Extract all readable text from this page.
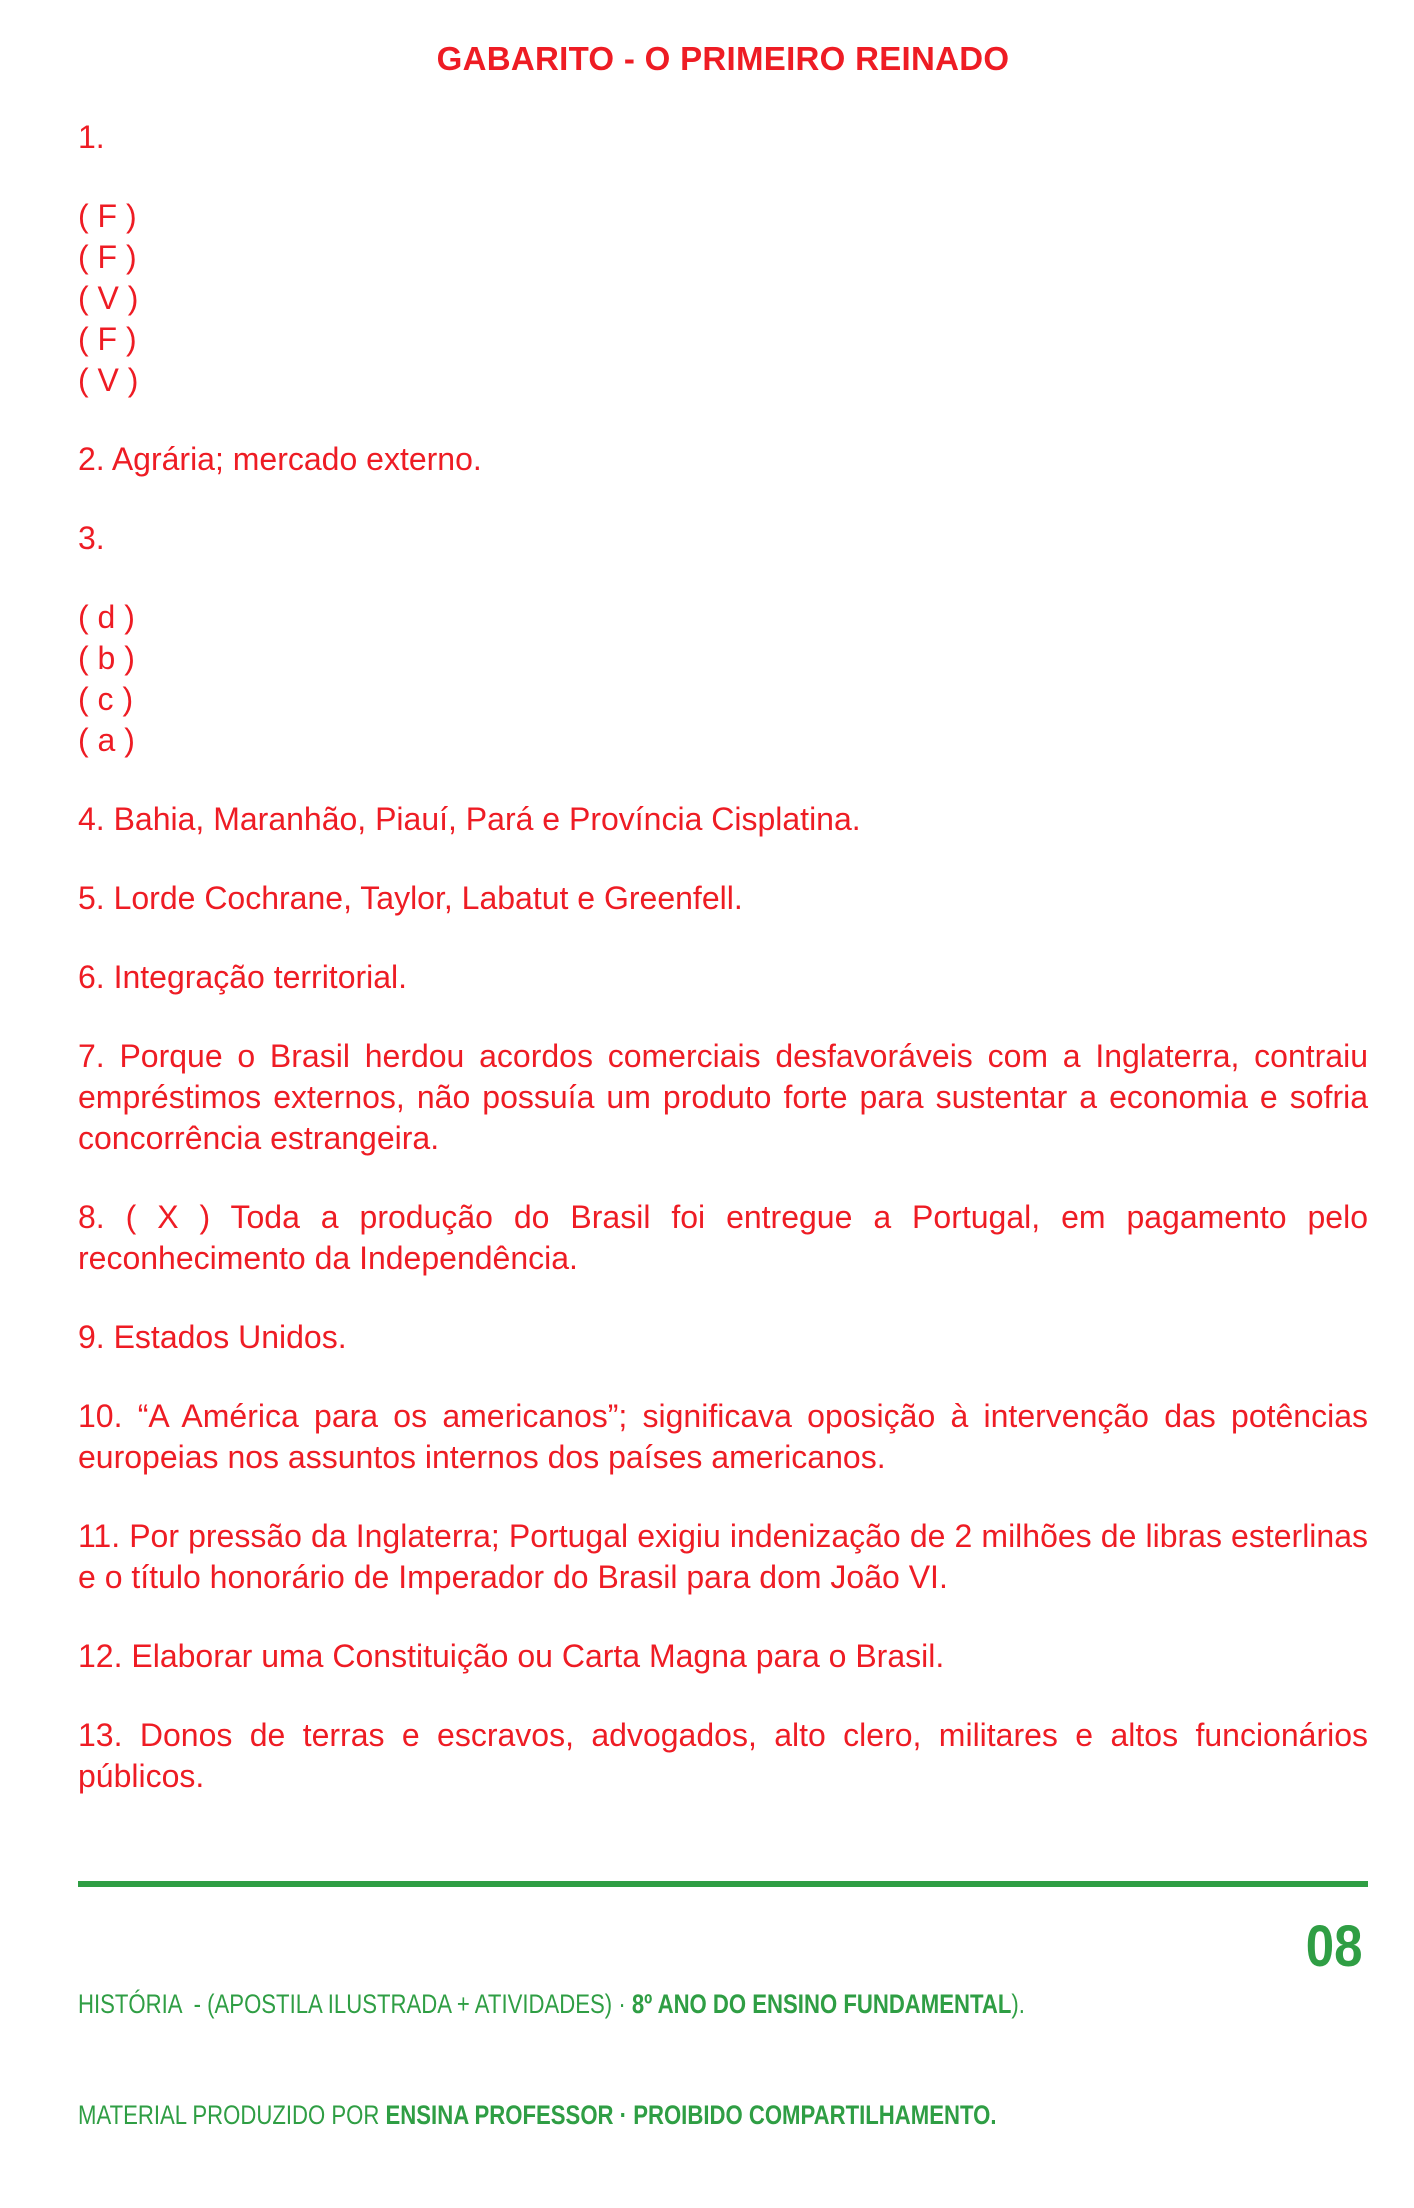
GABARITO - O PRIMEIRO REINADO

1.

( F )

( F )

( V )

( F )

( V )

2. Agrária; mercado externo.

3.

( d )

( b )

( c )

( a )

4. Bahia, Maranhão, Piauí, Pará e Província Cisplatina.

5. Lorde Cochrane, Taylor, Labatut e Greenfell.

6. Integração territorial.

7. Porque o Brasil herdou acordos comerciais desfavoráveis com a Inglaterra, contraiu empréstimos externos, não possuía um produto forte para sustentar a economia e sofria concorrência estrangeira.

8. ( X ) Toda a produção do Brasil foi entregue a Portugal, em pagamento pelo reconhecimento da Independência.

9. Estados Unidos.

10. “A América para os americanos”; significava oposição à intervenção das potências europeias nos assuntos internos dos países americanos.

11. Por pressão da Inglaterra; Portugal exigiu indenização de 2 milhões de libras esterlinas e o título honorário de Imperador do Brasil para dom João VI.

12. Elaborar uma Constituição ou Carta Magna para o Brasil.

13. Donos de terras e escravos, advogados, alto clero, militares e altos funcionários públicos.

HISTÓRIA  - (APOSTILA ILUSTRADA + ATIVIDADES) · 8º ANO DO ENSINO FUNDAMENTAL).

MATERIAL PRODUZIDO POR ENSINA PROFESSOR · PROIBIDO COMPARTILHAMENTO.

08
